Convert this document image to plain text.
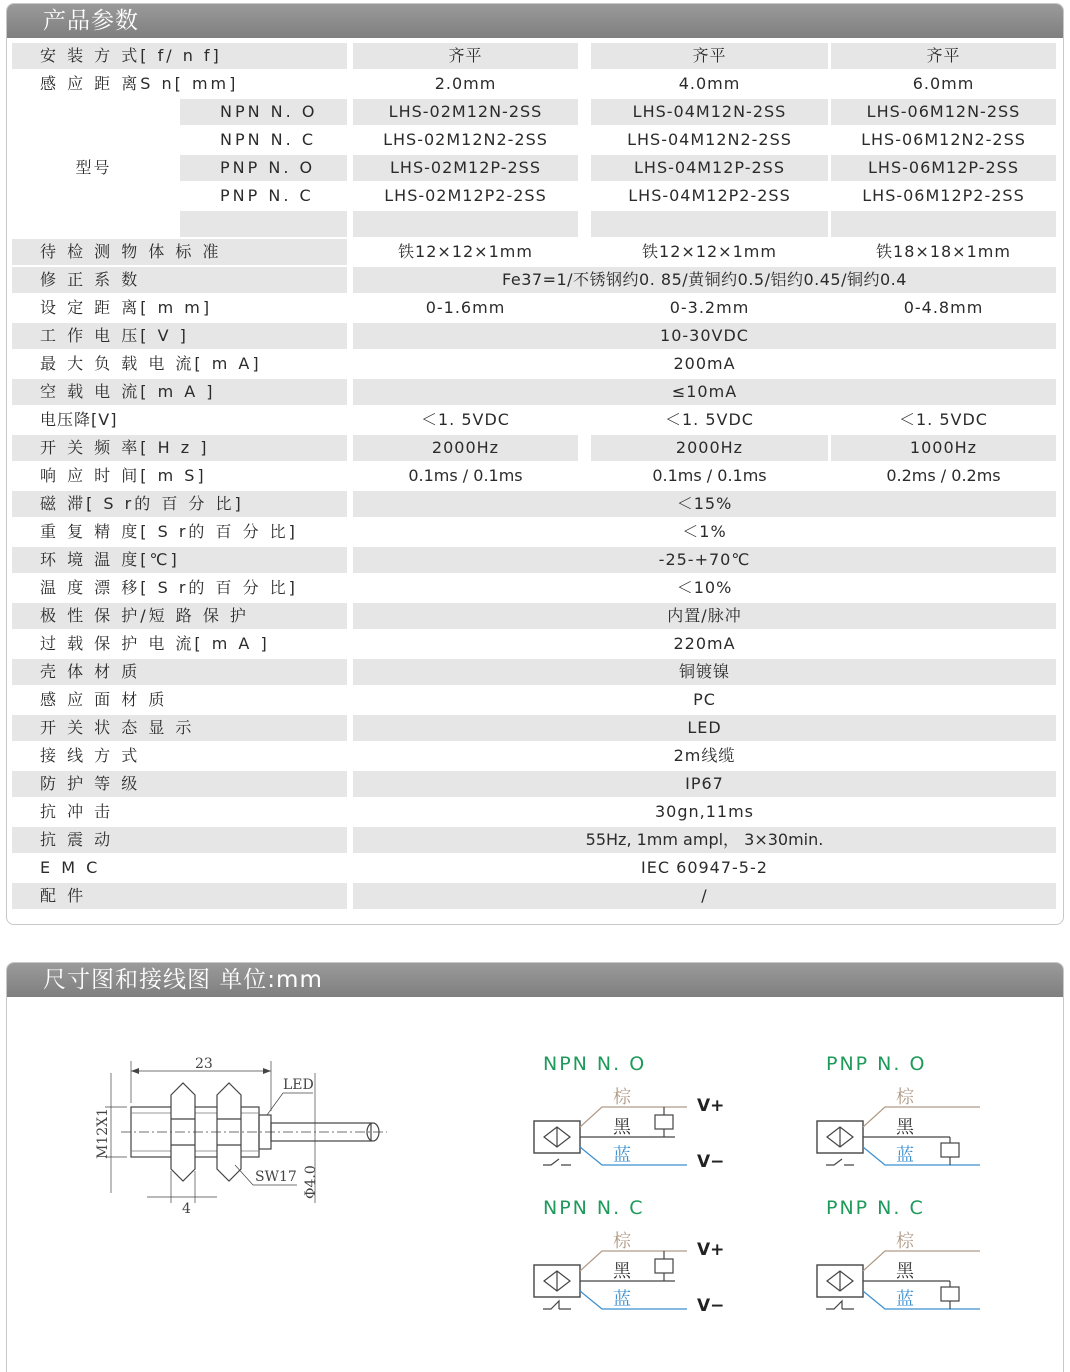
产品参数
安 装 方 式[ f/ n f]	齐平	齐平	齐平
感 应 距 离S n[ mm]	2.0mm	4.0mm	6.0mm
型号
NPN N. O	LHS-02M12N-2SS	LHS-04M12N-2SS	LHS-06M12N-2SS
NPN N. C	LHS-02M12N2-2SS	LHS-04M12N2-2SS	LHS-06M12N2-2SS
PNP N. O	LHS-02M12P-2SS	LHS-04M12P-2SS	LHS-06M12P-2SS
PNP N. C	LHS-02M12P2-2SS	LHS-04M12P2-2SS	LHS-06M12P2-2SS
待 检 测 物 体 标 准	铁12×12×1mm	铁12×12×1mm	铁18×18×1mm
修 正 系 数	Fe37=1/不锈钢约0. 85/黄铜约0.5/铝约0.45/铜约0.4
设 定 距 离[ m m]	0-1.6mm	0-3.2mm	0-4.8mm
工 作 电 压[ V ]	10-30VDC
最 大 负 载 电 流[ m A]	200mA
空 载 电 流[ m A ]	≤10mA
电压降[V]	＜1. 5VDC	＜1. 5VDC	＜1. 5VDC
开 关 频 率[ H z ]	2000Hz	2000Hz	1000Hz
响 应 时 间[ m S]	0.1ms / 0.1ms	0.1ms / 0.1ms	0.2ms / 0.2ms
磁 滞[ S r的 百 分 比]	＜15%
重 复 精 度[ S r的 百 分 比]	＜1%
环 境 温 度[℃]	-25-+70℃
温 度 漂 移[ S r的 百 分 比]	＜10%
极 性 保 护/短 路 保 护	内置/脉冲
过 载 保 护 电 流[ m A ]	220mA
壳 体 材 质	铜镀镍
感 应 面 材 质	PC
开 关 状 态 显 示	LED
接 线 方 式	2m线缆
防 护 等 级	IP67
抗 冲 击	30gn,11ms
抗 震 动	55Hz, 1mm ampl， 3×30min.
E M C	IEC 60947-5-2
配 件	/
尺寸图和接线图 单位:mm
23
LED
SW17
4
M12X1
Φ4.0
NPN N. O	PNP N. O
NPN N. C	PNP N. C
棕
黑
蓝
V+
V−
棕
黑
蓝
棕
黑
蓝
V+
V−
棕
黑
蓝
